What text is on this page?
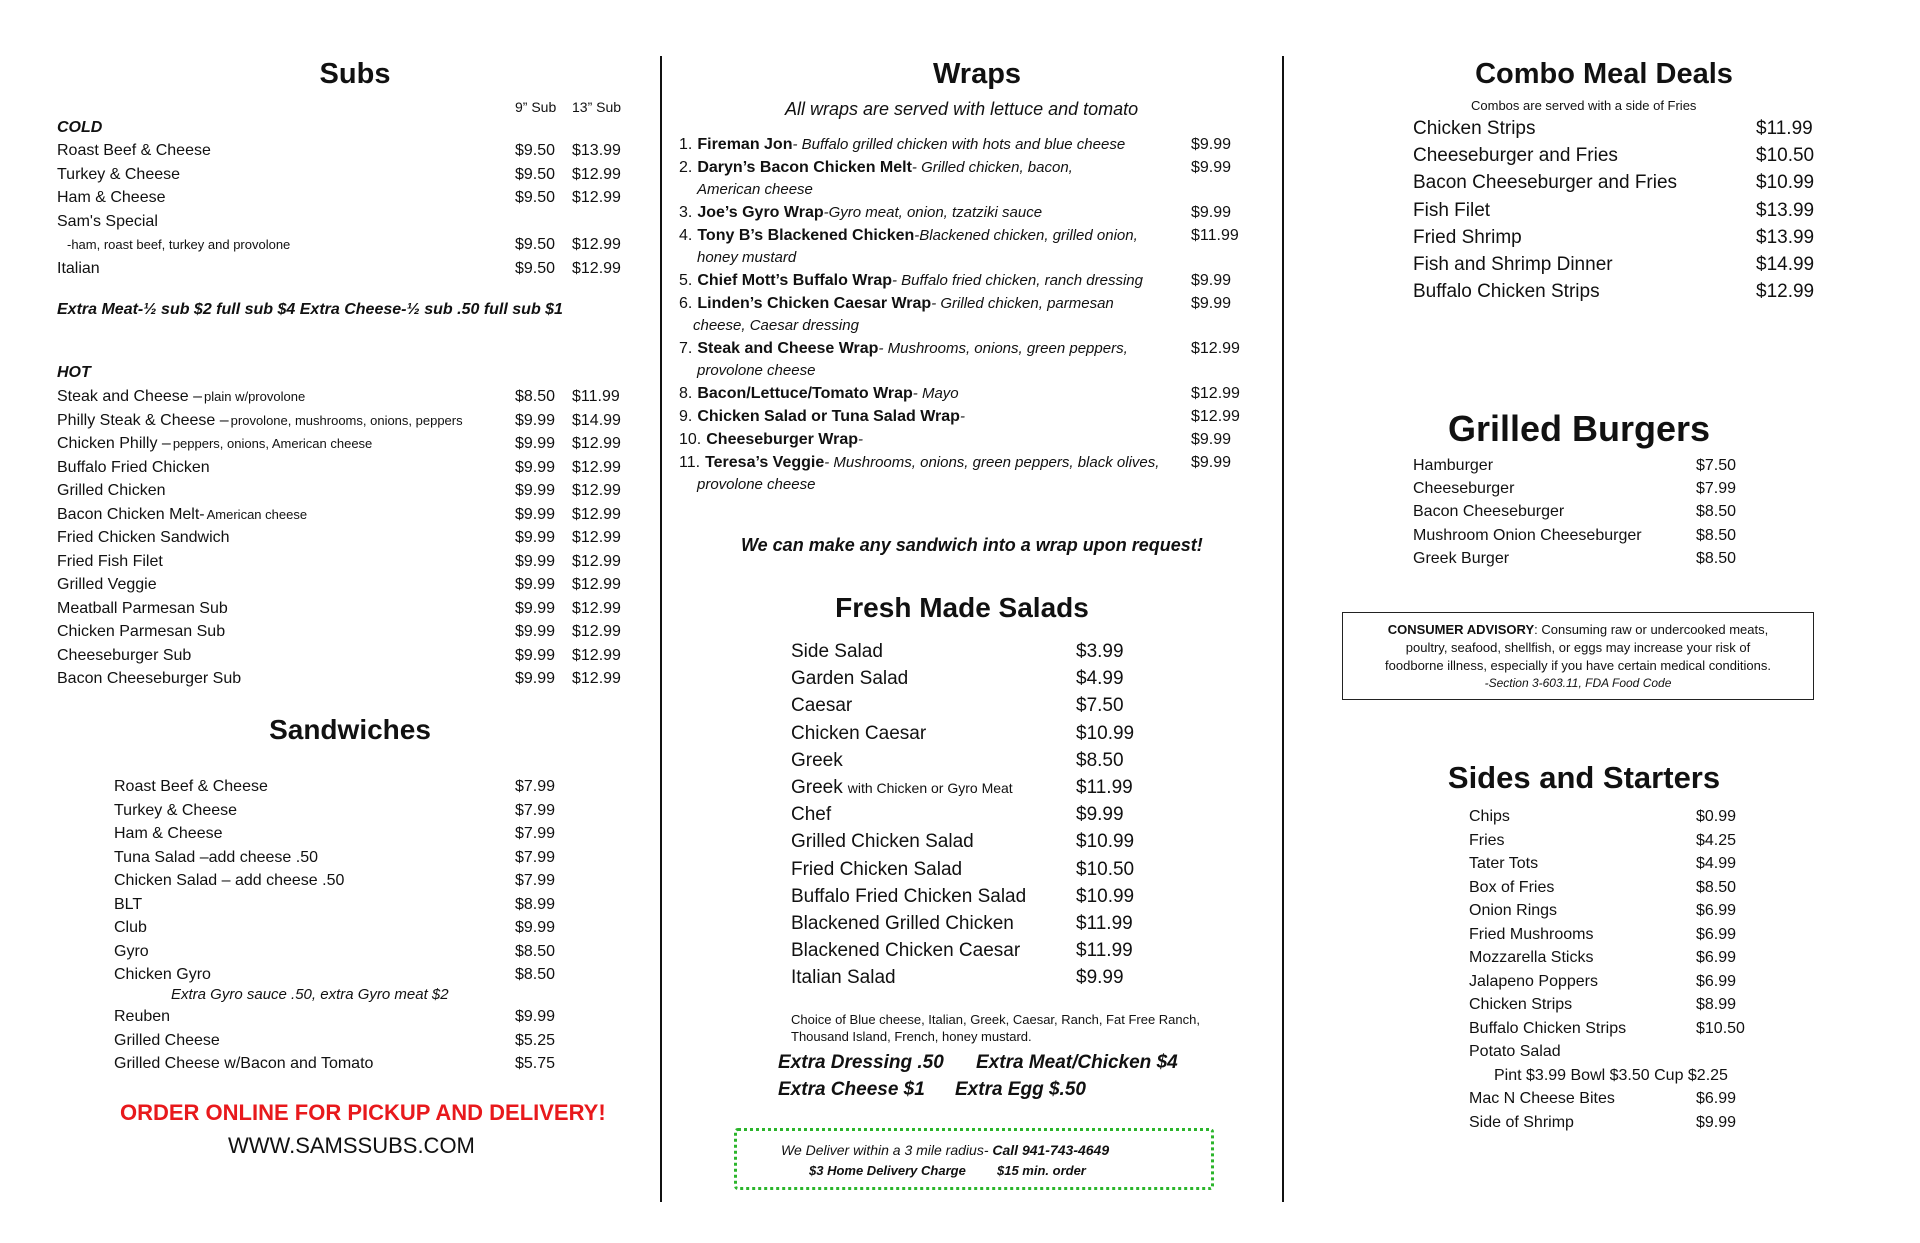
Subs
9” Sub 13” Sub
COLD
Roast Beef & Cheese	$9.50 $13.99
Turkey & Cheese	$9.50 $12.99
Ham & Cheese	$9.50 $12.99
Sam's Special
-ham, roast beef, turkey and provolone	$9.50 $12.99
Italian	$9.50 $12.99
Extra Meat-½ sub $2 full sub $4 Extra Cheese-½ sub .50 full sub $1
HOT
Steak and Cheese – plain w/provolone	$8.50 $11.99
Philly Steak & Cheese – provolone, mushrooms, onions, peppers	$9.99 $14.99
Chicken Philly – peppers, onions, American cheese	$9.99 $12.99
Buffalo Fried Chicken	$9.99 $12.99
Grilled Chicken	$9.99 $12.99
Bacon Chicken Melt- American cheese	$9.99 $12.99
Fried Chicken Sandwich	$9.99 $12.99
Fried Fish Filet	$9.99 $12.99
Grilled Veggie	$9.99 $12.99
Meatball Parmesan Sub	$9.99 $12.99
Chicken Parmesan Sub	$9.99 $12.99
Cheeseburger Sub	$9.99 $12.99
Bacon Cheeseburger Sub	$9.99 $12.99
Sandwiches
Roast Beef & Cheese	$7.99
Turkey & Cheese	$7.99
Ham & Cheese	$7.99
Tuna Salad –add cheese .50	$7.99
Chicken Salad – add cheese .50	$7.99
BLT	$8.99
Club	$9.99
Gyro	$8.50
Chicken Gyro	$8.50
Extra Gyro sauce .50, extra Gyro meat $2
Reuben	$9.99
Grilled Cheese	$5.25
Grilled Cheese w/Bacon and Tomato	$5.75
ORDER ONLINE FOR PICKUP AND DELIVERY!
WWW.SAMSSUBS.COM
Wraps
All wraps are served with lettuce and tomato
1. Fireman Jon- Buffalo grilled chicken with hots and blue cheese	$9.99
2. Daryn’s Bacon Chicken Melt- Grilled chicken, bacon,	$9.99
American cheese
3. Joe’s Gyro Wrap-Gyro meat, onion, tzatziki sauce	$9.99
4. Tony B’s Blackened Chicken-Blackened chicken, grilled onion,	$11.99
honey mustard
5. Chief Mott’s Buffalo Wrap- Buffalo fried chicken, ranch dressing	$9.99
6. Linden’s Chicken Caesar Wrap- Grilled chicken, parmesan	$9.99
cheese, Caesar dressing
7. Steak and Cheese Wrap- Mushrooms, onions, green peppers,	$12.99
provolone cheese
8. Bacon/Lettuce/Tomato Wrap- Mayo	$12.99
9. Chicken Salad or Tuna Salad Wrap-	$12.99
10. Cheeseburger Wrap-	$9.99
11. Teresa’s Veggie- Mushrooms, onions, green peppers, black olives, $9.99
provolone cheese
We can make any sandwich into a wrap upon request!
Fresh Made Salads
Side Salad	$3.99
Garden Salad	$4.99
Caesar	$7.50
Chicken Caesar	$10.99
Greek	$8.50
Greek with Chicken or Gyro Meat	$11.99
Chef	$9.99
Grilled Chicken Salad	$10.99
Fried Chicken Salad	$10.50
Buffalo Fried Chicken Salad	$10.99
Blackened Grilled Chicken	$11.99
Blackened Chicken Caesar	$11.99
Italian Salad	$9.99
Choice of Blue cheese, Italian, Greek, Caesar, Ranch, Fat Free Ranch,
Thousand Island, French, honey mustard.
Extra Dressing .50 Extra Meat/Chicken $4
Extra Cheese $1 Extra Egg $.50
We Deliver within a 3 mile radius- Call 941-743-4649
$3 Home Delivery Charge $15 min. order
Combo Meal Deals
Combos are served with a side of Fries
Chicken Strips	$11.99
Cheeseburger and Fries	$10.50
Bacon Cheeseburger and Fries	$10.99
Fish Filet	$13.99
Fried Shrimp	$13.99
Fish and Shrimp Dinner	$14.99
Buffalo Chicken Strips	$12.99
Grilled Burgers
Hamburger	$7.50
Cheeseburger	$7.99
Bacon Cheeseburger	$8.50
Mushroom Onion Cheeseburger	$8.50
Greek Burger	$8.50
CONSUMER ADVISORY: Consuming raw or undercooked meats,
poultry, seafood, shellfish, or eggs may increase your risk of
foodborne illness, especially if you have certain medical conditions.
-Section 3-603.11, FDA Food Code
Sides and Starters
Chips	$0.99
Fries	$4.25
Tater Tots	$4.99
Box of Fries	$8.50
Onion Rings	$6.99
Fried Mushrooms	$6.99
Mozzarella Sticks	$6.99
Jalapeno Poppers	$6.99
Chicken Strips	$8.99
Buffalo Chicken Strips	$10.50
Potato Salad
Pint $3.99 Bowl $3.50 Cup $2.25
Mac N Cheese Bites	$6.99
Side of Shrimp	$9.99
